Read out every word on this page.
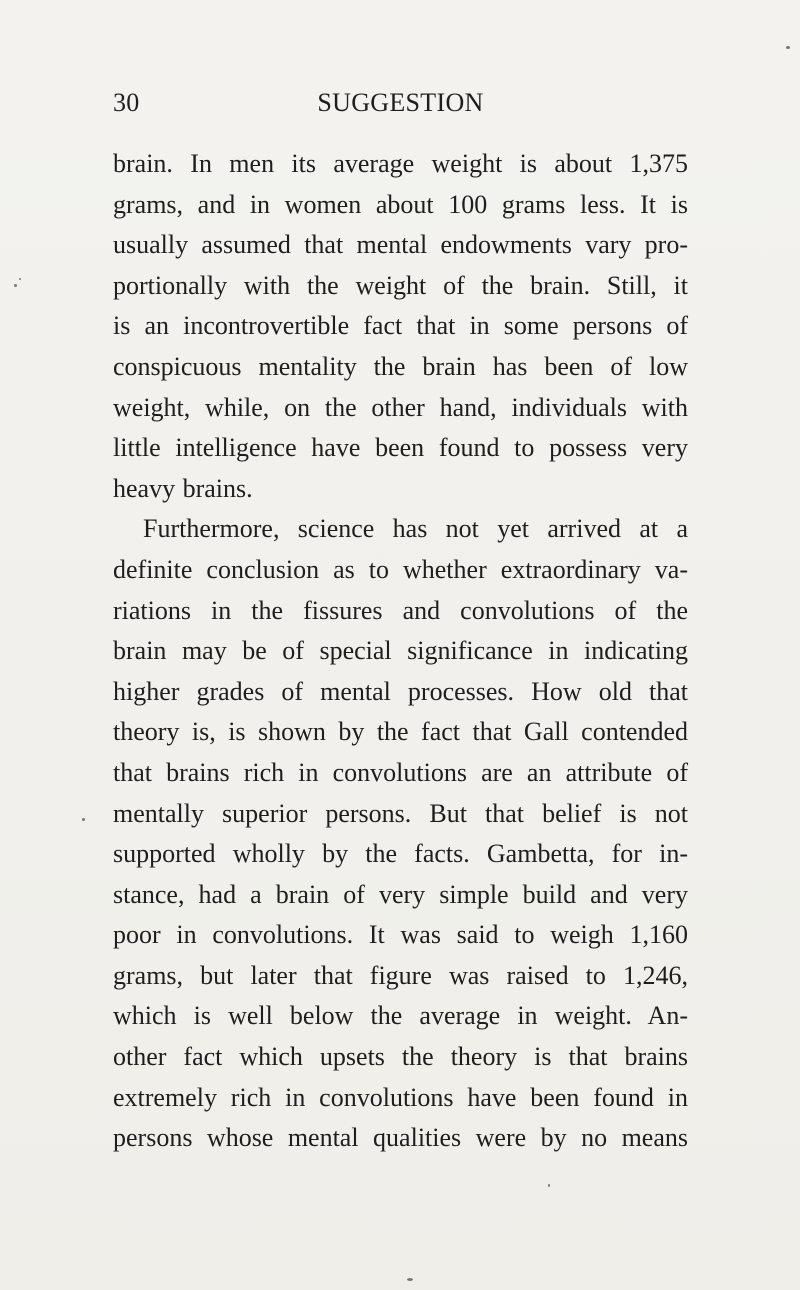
30	SUGGESTION
brain. In men its average weight is about 1,375
grams, and in women about 100 grams less. It is
usually assumed that mental endowments vary pro-
portionally with the weight of the brain. Still, it
is an incontrovertible fact that in some persons of
conspicuous mentality the brain has been of low
weight, while, on the other hand, individuals with
little intelligence have been found to possess very
heavy brains.
Furthermore, science has not yet arrived at a
definite conclusion as to whether extraordinary va-
riations in the fissures and convolutions of the
brain may be of special significance in indicating
higher grades of mental processes. How old that
theory is, is shown by the fact that Gall contended
that brains rich in convolutions are an attribute of
mentally superior persons. But that belief is not
supported wholly by the facts. Gambetta, for in-
stance, had a brain of very simple build and very
poor in convolutions. It was said to weigh 1,160
grams, but later that figure was raised to 1,246,
which is well below the average in weight. An-
other fact which upsets the theory is that brains
extremely rich in convolutions have been found in
persons whose mental qualities were by no means
